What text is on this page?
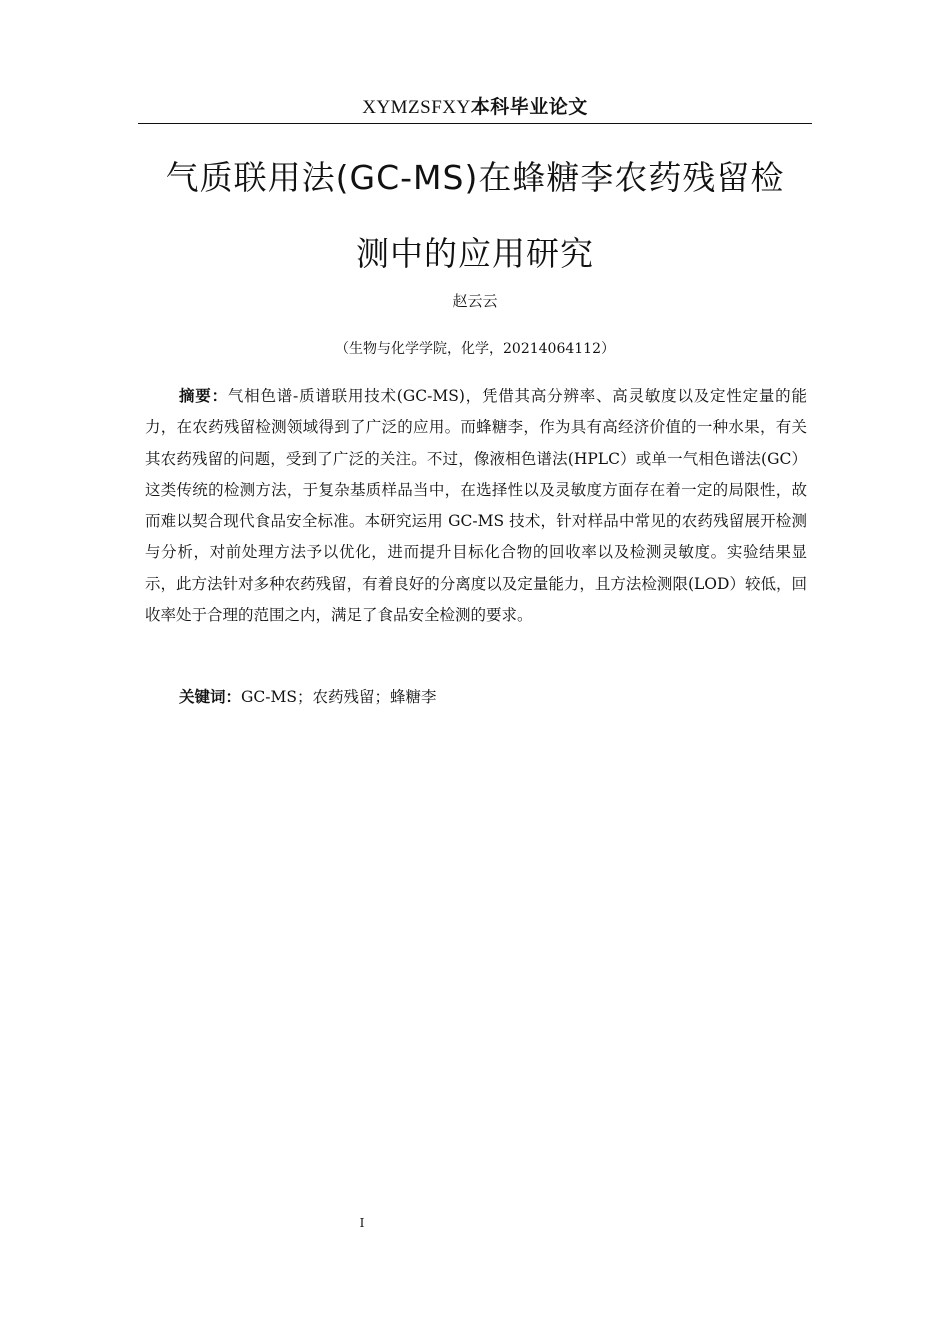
XYMZSFXY本科毕业论文
气质联用法(GC-MS)在蜂糖李农药残留检
测中的应用研究
赵云云
（生物与化学学院，化学，20214064112）

摘要：气相色谱-质谱联用技术(GC-MS)，凭借其高分辨率、高灵敏度以及定性定量的能力，在农药残留检测领域得到了广泛的应用。而蜂糖李，作为具有高经济价值的一种水果，有关其农药残留的问题，受到了广泛的关注。不过，像液相色谱法(HPLC）或单一气相色谱法(GC）这类传统的检测方法，于复杂基质样品当中，在选择性以及灵敏度方面存在着一定的局限性，故而难以契合现代食品安全标准。本研究运用 GC-MS 技术，针对样品中常见的农药残留展开检测与分析，对前处理方法予以优化，进而提升目标化合物的回收率以及检测灵敏度。实验结果显示，此方法针对多种农药残留，有着良好的分离度以及定量能力，且方法检测限(LOD）较低，回收率处于合理的范围之内，满足了食品安全检测的要求。

关键词：GC-MS；农药残留；蜂糖李
I
